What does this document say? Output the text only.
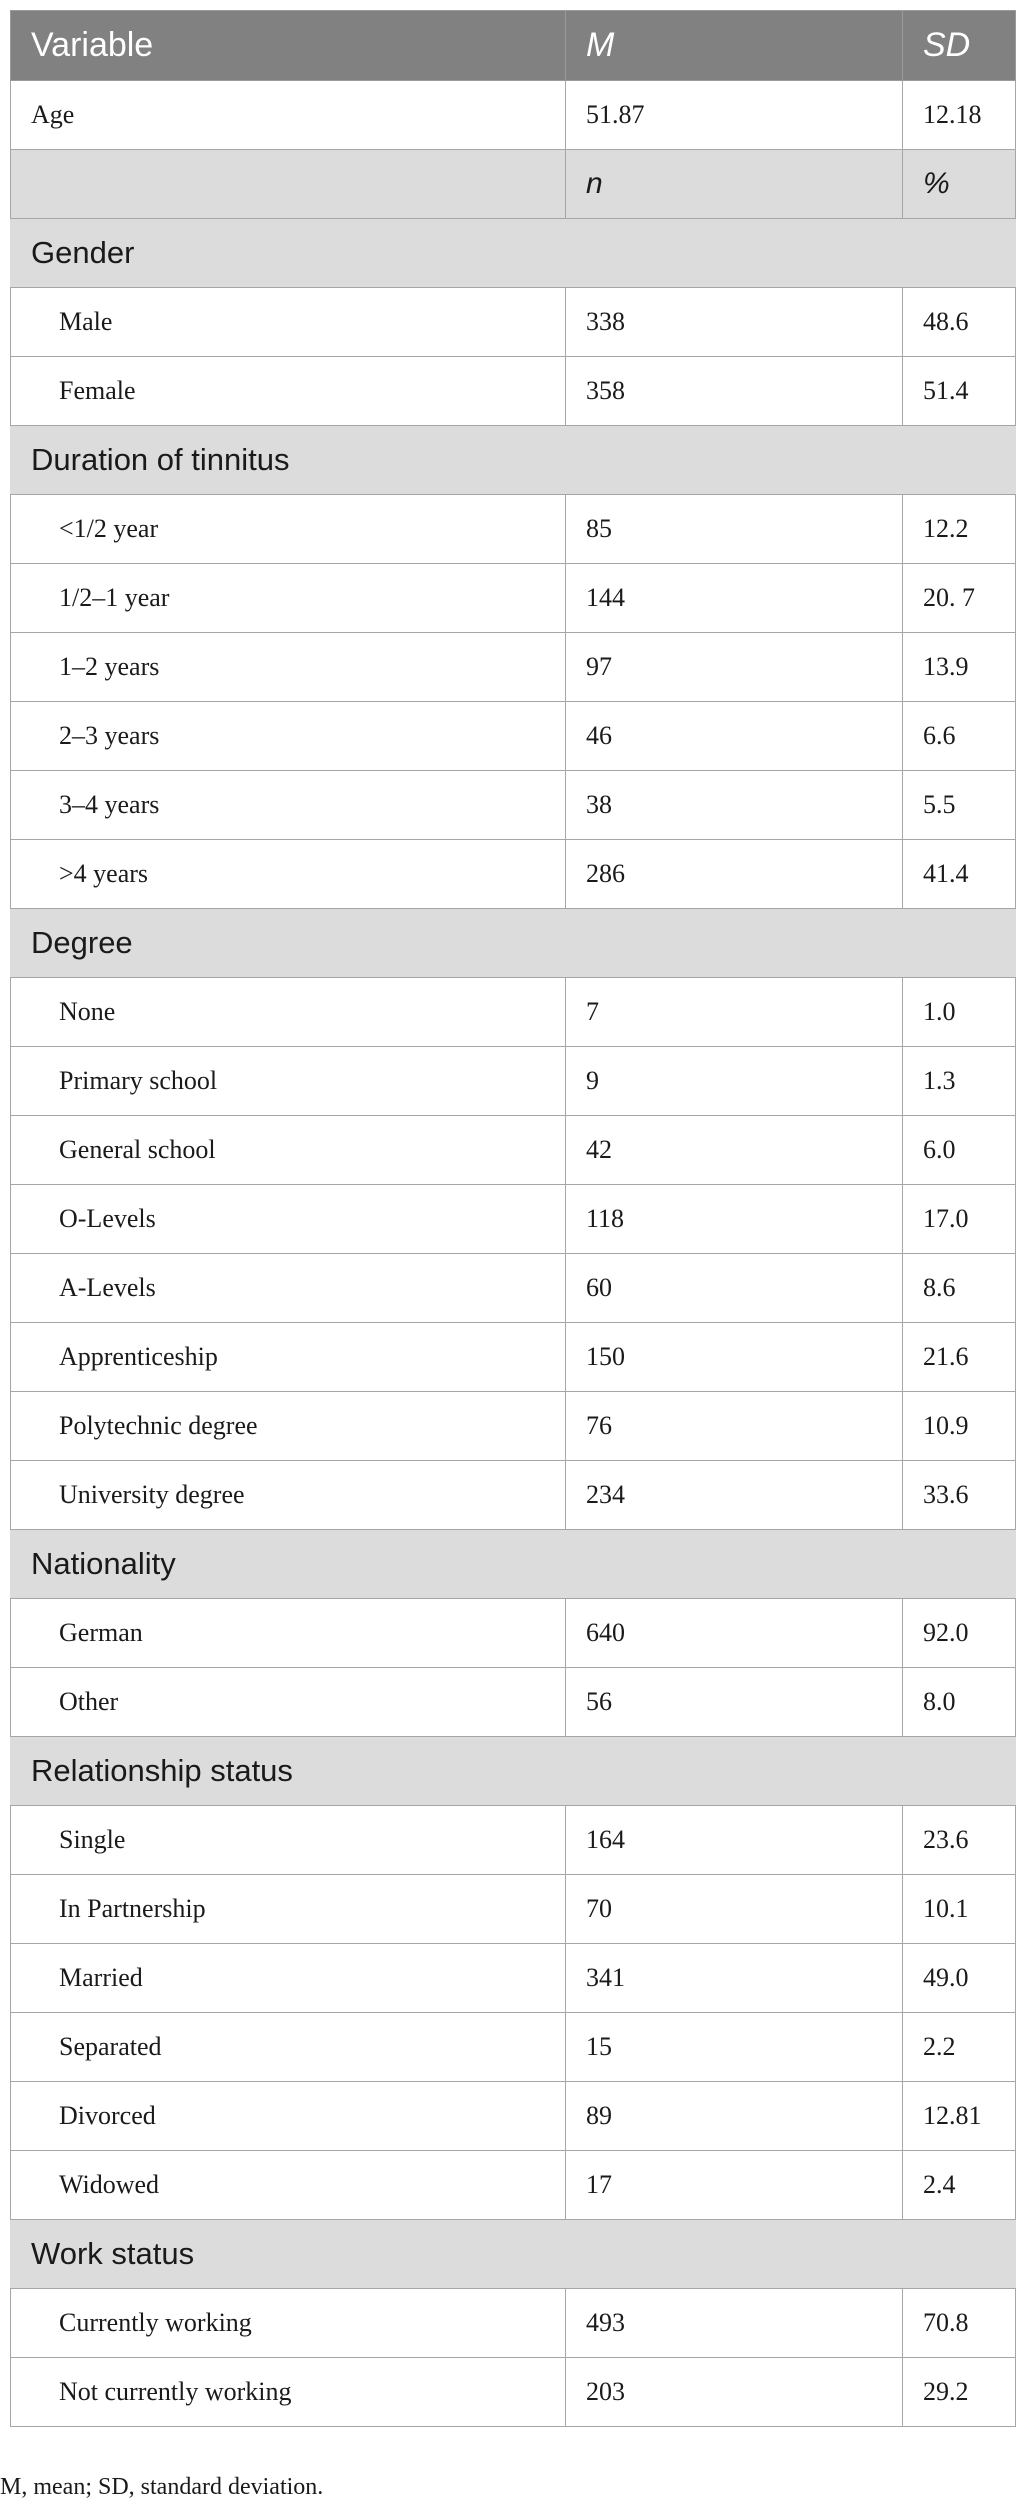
Variable	M	SD
Age	51.87	12.18
	n	%
Gender		
Male	338	48.6
Female	358	51.4
Duration of tinnitus		
<1/2 year	85	12.2
1/2–1 year	144	20. 7
1–2 years	97	13.9
2–3 years	46	6.6
3–4 years	38	5.5
>4 years	286	41.4
Degree		
None	7	1.0
Primary school	9	1.3
General school	42	6.0
O-Levels	118	17.0
A-Levels	60	8.6
Apprenticeship	150	21.6
Polytechnic degree	76	10.9
University degree	234	33.6
Nationality		
German	640	92.0
Other	56	8.0
Relationship status		
Single	164	23.6
In Partnership	70	10.1
Married	341	49.0
Separated	15	2.2
Divorced	89	12.81
Widowed	17	2.4
Work status		
Currently working	493	70.8
Not currently working	203	29.2
M, mean; SD, standard deviation.
